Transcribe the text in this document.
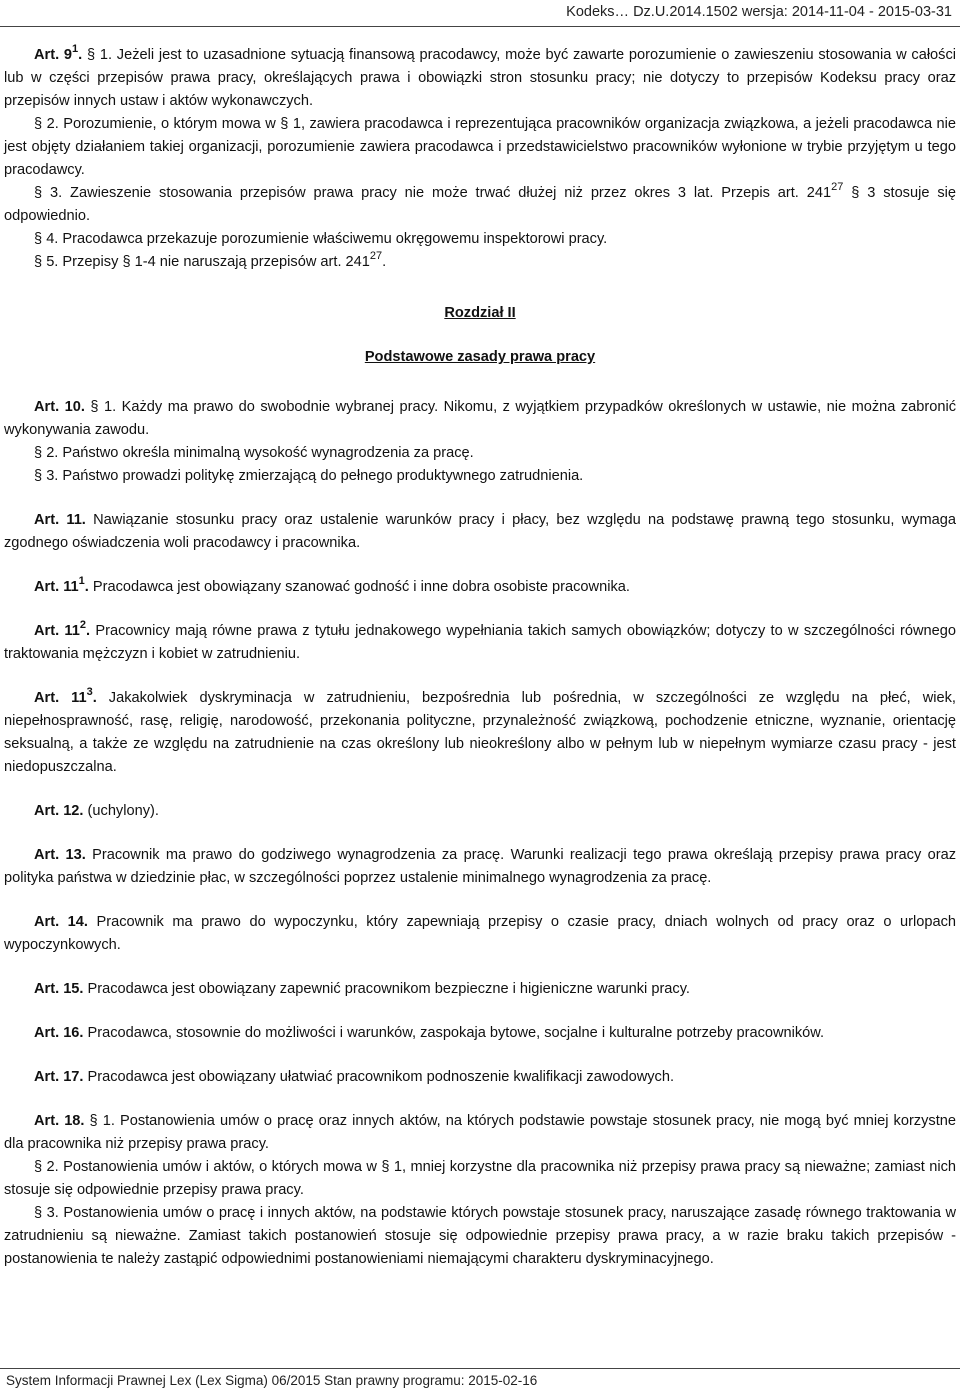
Kodeks… Dz.U.2014.1502 wersja: 2014-11-04 - 2015-03-31

Art. $9^1$. § 1. Jeżeli jest to uzasadnione sytuacją finansową pracodawcy, może być zawarte porozumienie o zawieszeniu stosowania w całości lub w części przepisów prawa pracy, określających prawa i obowiązki stron stosunku pracy; nie dotyczy to przepisów Kodeksu pracy oraz przepisów innych ustaw i aktów wykonawczych.

§ 2. Porozumienie, o którym mowa w § 1, zawiera pracodawca i reprezentująca pracowników organizacja związkowa, a jeżeli pracodawca nie jest objęty działaniem takiej organizacji, porozumienie zawiera pracodawca i przedstawicielstwo pracowników wyłonione w trybie przyjętym u tego pracodawcy.

§ 3. Zawieszenie stosowania przepisów prawa pracy nie może trwać dłużej niż przez okres 3 lat. Przepis art. $241^{27}$ § 3 stosuje się odpowiednio.

§ 4. Pracodawca przekazuje porozumienie właściwemu okręgowemu inspektorowi pracy.

§ 5. Przepisy § 1-4 nie naruszają przepisów art. $241^{27}$.

Rozdział II

Podstawowe zasady prawa pracy

Art. 10. § 1. Każdy ma prawo do swobodnie wybranej pracy. Nikomu, z wyjątkiem przypadków określonych w ustawie, nie można zabronić wykonywania zawodu.

§ 2. Państwo określa minimalną wysokość wynagrodzenia za pracę.

§ 3. Państwo prowadzi politykę zmierzającą do pełnego produktywnego zatrudnienia.

Art. 11. Nawiązanie stosunku pracy oraz ustalenie warunków pracy i płacy, bez względu na podstawę prawną tego stosunku, wymaga zgodnego oświadczenia woli pracodawcy i pracownika.

Art. $11^1$. Pracodawca jest obowiązany szanować godność i inne dobra osobiste pracownika.

Art. $11^2$. Pracownicy mają równe prawa z tytułu jednakowego wypełniania takich samych obowiązków; dotyczy to w szczególności równego traktowania mężczyzn i kobiet w zatrudnieniu.

Art. $11^3$. Jakakolwiek dyskryminacja w zatrudnieniu, bezpośrednia lub pośrednia, w szczególności ze względu na płeć, wiek, niepełnosprawność, rasę, religię, narodowość, przekonania polityczne, przynależność związkową, pochodzenie etniczne, wyznanie, orientację seksualną, a także ze względu na zatrudnienie na czas określony lub nieokreślony albo w pełnym lub w niepełnym wymiarze czasu pracy - jest niedopuszczalna.

Art. 12. (uchylony).

Art. 13. Pracownik ma prawo do godziwego wynagrodzenia za pracę. Warunki realizacji tego prawa określają przepisy prawa pracy oraz polityka państwa w dziedzinie płac, w szczególności poprzez ustalenie minimalnego wynagrodzenia za pracę.

Art. 14. Pracownik ma prawo do wypoczynku, który zapewniają przepisy o czasie pracy, dniach wolnych od pracy oraz o urlopach wypoczynkowych.

Art. 15. Pracodawca jest obowiązany zapewnić pracownikom bezpieczne i higieniczne warunki pracy.

Art. 16. Pracodawca, stosownie do możliwości i warunków, zaspokaja bytowe, socjalne i kulturalne potrzeby pracowników.

Art. 17. Pracodawca jest obowiązany ułatwiać pracownikom podnoszenie kwalifikacji zawodowych.

Art. 18. § 1. Postanowienia umów o pracę oraz innych aktów, na których podstawie powstaje stosunek pracy, nie mogą być mniej korzystne dla pracownika niż przepisy prawa pracy.

§ 2. Postanowienia umów i aktów, o których mowa w § 1, mniej korzystne dla pracownika niż przepisy prawa pracy są nieważne; zamiast nich stosuje się odpowiednie przepisy prawa pracy.

§ 3. Postanowienia umów o pracę i innych aktów, na podstawie których powstaje stosunek pracy, naruszające zasadę równego traktowania w zatrudnieniu są nieważne. Zamiast takich postanowień stosuje się odpowiednie przepisy prawa pracy, a w razie braku takich przepisów - postanowienia te należy zastąpić odpowiednimi postanowieniami niemającymi charakteru dyskryminacyjnego.

System Informacji Prawnej Lex (Lex Sigma) 06/2015 Stan prawny programu: 2015-02-16
